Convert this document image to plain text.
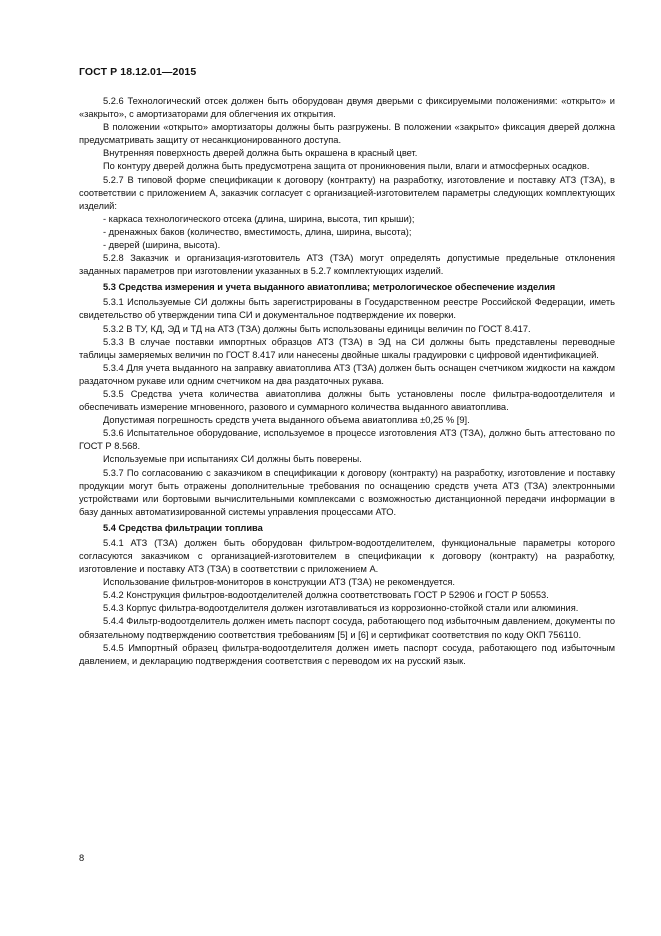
ГОСТ Р 18.12.01—2015

5.2.6 Технологический отсек должен быть оборудован двумя дверьми с фиксируемыми положениями: «открыто» и «закрыто», с амортизаторами для облегчения их открытия.

В положении «открыто» амортизаторы должны быть разгружены. В положении «закрыто» фиксация дверей должна предусматривать защиту от несанкционированного доступа.

Внутренняя поверхность дверей должна быть окрашена в красный цвет.

По контуру дверей должна быть предусмотрена защита от проникновения пыли, влаги и атмосферных осадков.

5.2.7 В типовой форме спецификации к договору (контракту) на разработку, изготовление и поставку АТЗ (ТЗА), в соответствии с приложением А, заказчик согласует с организацией-изготовителем параметры следующих комплектующих изделий:

- каркаса технологического отсека (длина, ширина, высота, тип крыши);

- дренажных баков (количество, вместимость, длина, ширина, высота);

- дверей (ширина, высота).

5.2.8 Заказчик и организация-изготовитель АТЗ (ТЗА) могут определять допустимые предельные отклонения заданных параметров при изготовлении указанных в 5.2.7 комплектующих изделий.

5.3 Средства измерения и учета выданного авиатоплива; метрологическое обеспечение изделия

5.3.1 Используемые СИ должны быть зарегистрированы в Государственном реестре Российской Федерации, иметь свидетельство об утверждении типа СИ и документальное подтверждение их поверки.

5.3.2 В ТУ, КД, ЭД и ТД на АТЗ (ТЗА) должны быть использованы единицы величин по ГОСТ 8.417.

5.3.3 В случае поставки импортных образцов АТЗ (ТЗА) в ЭД на СИ должны быть представлены переводные таблицы замеряемых величин по ГОСТ 8.417 или нанесены двойные шкалы градуировки с цифровой идентификацией.

5.3.4 Для учета выданного на заправку авиатоплива АТЗ (ТЗА) должен быть оснащен счетчиком жидкости на каждом раздаточном рукаве или одним счетчиком на два раздаточных рукава.

5.3.5 Средства учета количества авиатоплива должны быть установлены после фильтра-водоотделителя и обеспечивать измерение мгновенного, разового и суммарного количества выданного авиатоплива.

Допустимая погрешность средств учета выданного объема авиатоплива ±0,25 % [9].

5.3.6 Испытательное оборудование, используемое в процессе изготовления АТЗ (ТЗА), должно быть аттестовано по ГОСТ Р 8.568.

Используемые при испытаниях СИ должны быть поверены.

5.3.7 По согласованию с заказчиком в спецификации к договору (контракту) на разработку, изготовление и поставку продукции могут быть отражены дополнительные требования по оснащению средств учета АТЗ (ТЗА) электронными устройствами или бортовыми вычислительными комплексами с возможностью дистанционной передачи информации в базу данных автоматизированной системы управления процессами АТО.

5.4 Средства фильтрации топлива

5.4.1 АТЗ (ТЗА) должен быть оборудован фильтром-водоотделителем, функциональные параметры которого согласуются заказчиком с организацией-изготовителем в спецификации к договору (контракту) на разработку, изготовление и поставку АТЗ (ТЗА) в соответствии с приложением А.

Использование фильтров-мониторов в конструкции АТЗ (ТЗА) не рекомендуется.

5.4.2 Конструкция фильтров-водоотделителей должна соответствовать ГОСТ Р 52906 и ГОСТ Р 50553.

5.4.3 Корпус фильтра-водоотделителя должен изготавливаться из коррозионно-стойкой стали или алюминия.

5.4.4 Фильтр-водоотделитель должен иметь паспорт сосуда, работающего под избыточным давлением, документы по обязательному подтверждению соответствия требованиям [5] и [6] и сертификат соответствия по коду ОКП 756110.

5.4.5 Импортный образец фильтра-водоотделителя должен иметь паспорт сосуда, работающего под избыточным давлением, и декларацию подтверждения соответствия с переводом их на русский язык.

8
